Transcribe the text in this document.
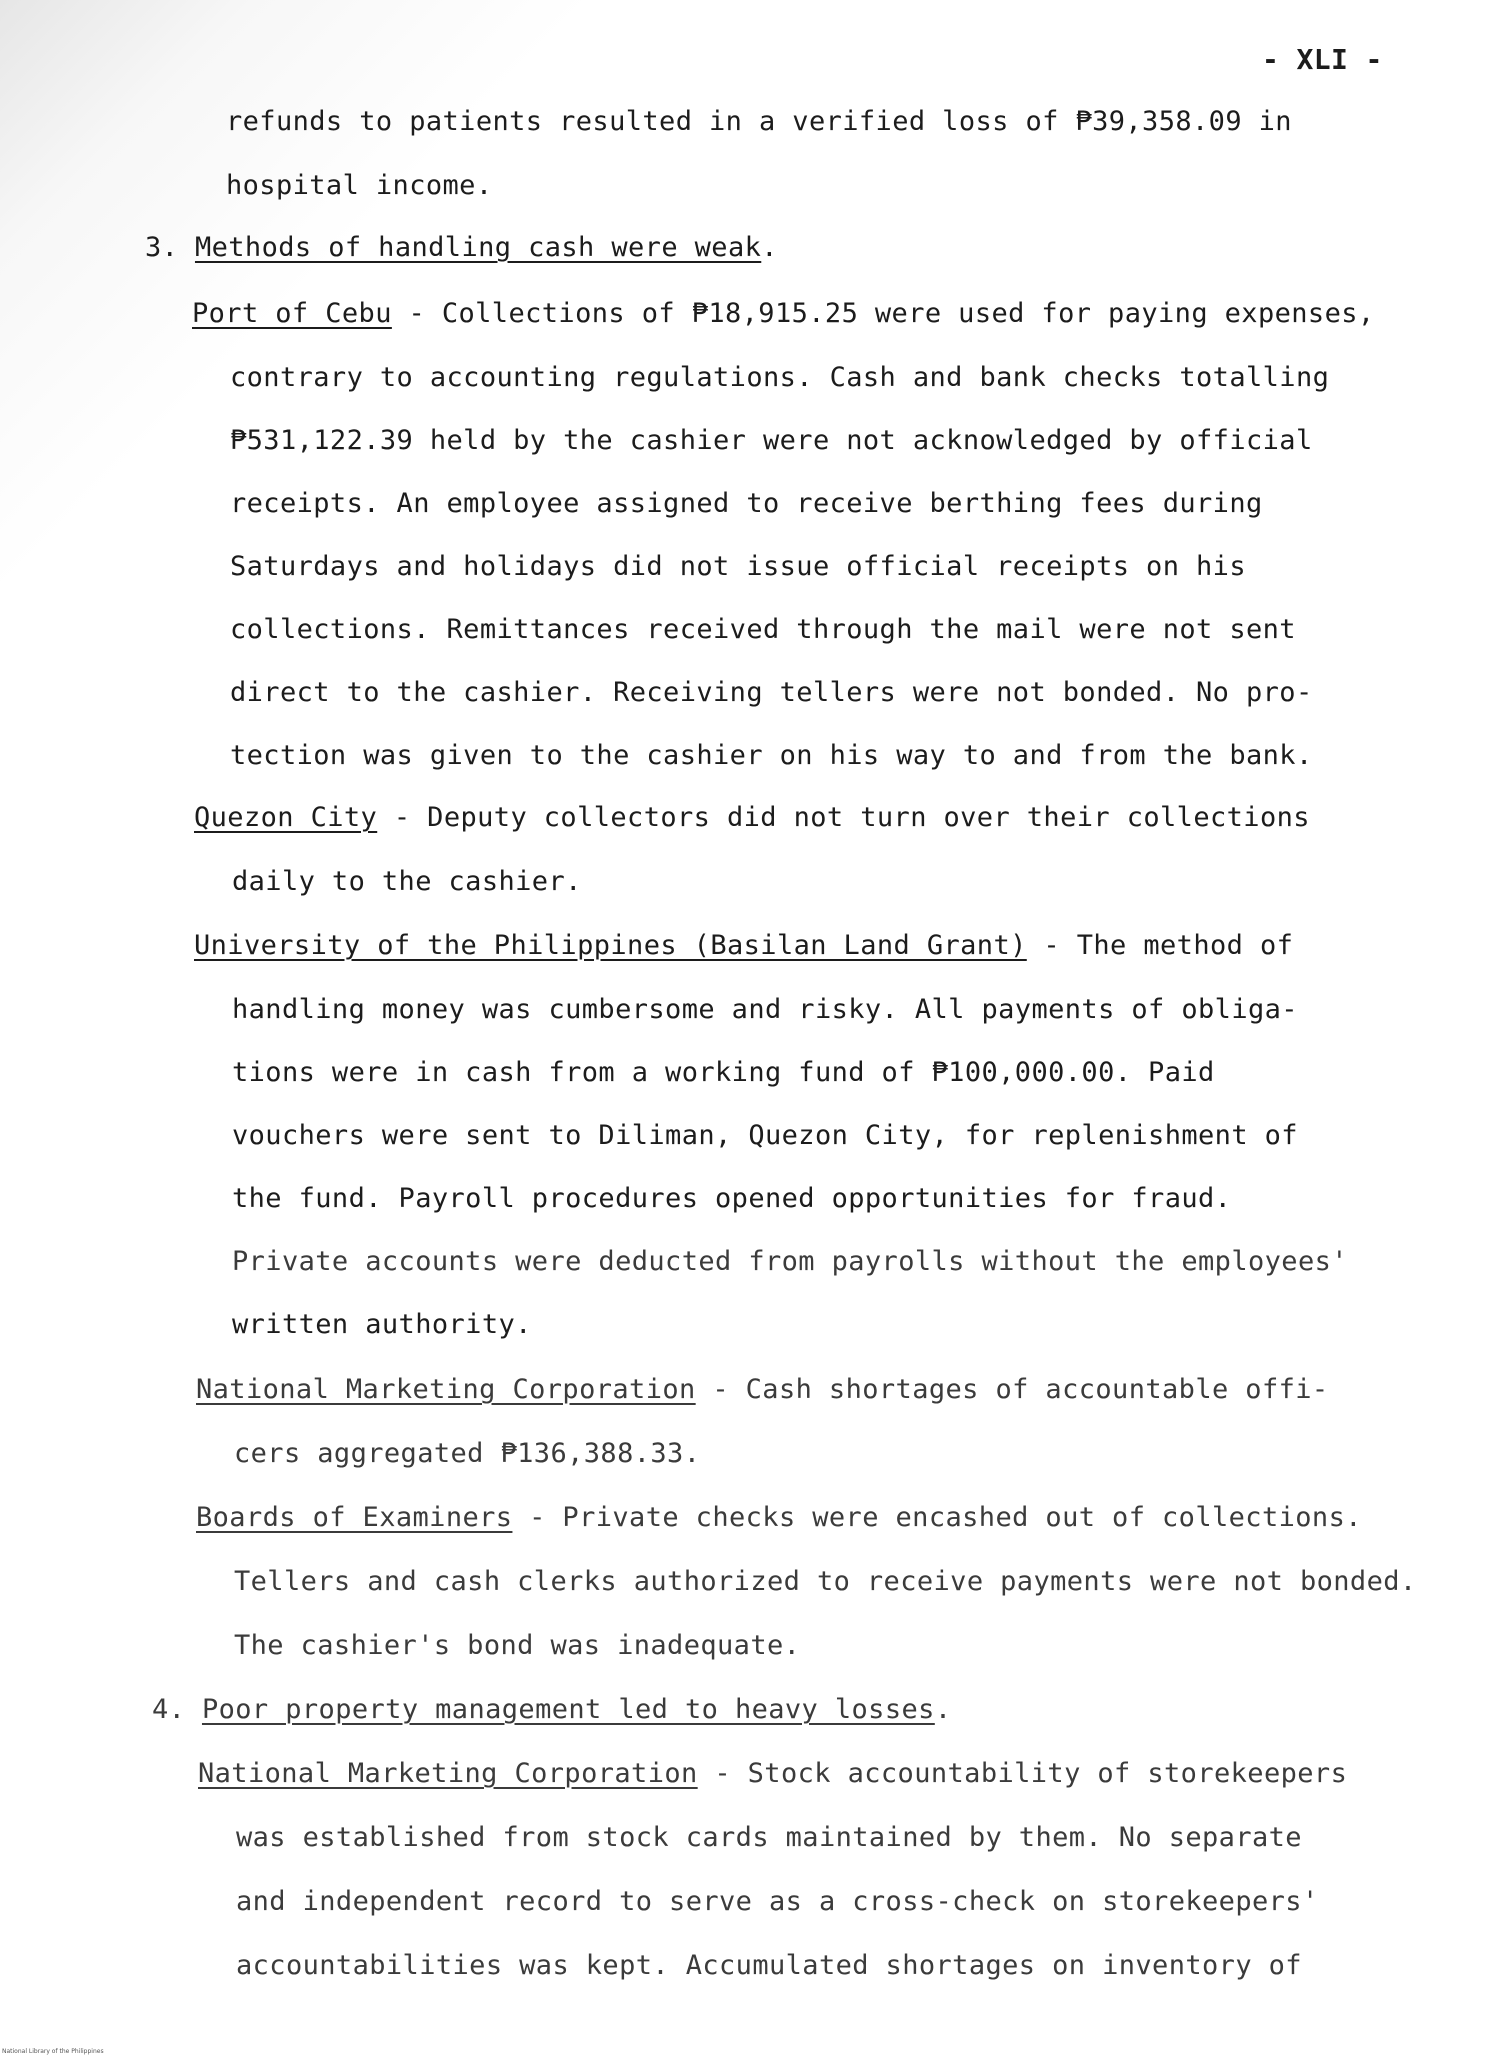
- XLI -
refunds to patients resulted in a verified loss of ₱39,358.09 in
hospital income.
3. Methods of handling cash were weak.
Port of Cebu - Collections of ₱18,915.25 were used for paying expenses,
contrary to accounting regulations. Cash and bank checks totalling
₱531,122.39 held by the cashier were not acknowledged by official
receipts. An employee assigned to receive berthing fees during
Saturdays and holidays did not issue official receipts on his
collections. Remittances received through the mail were not sent
direct to the cashier. Receiving tellers were not bonded. No pro-
tection was given to the cashier on his way to and from the bank.
Quezon City - Deputy collectors did not turn over their collections
daily to the cashier.
University of the Philippines (Basilan Land Grant) - The method of
handling money was cumbersome and risky. All payments of obliga-
tions were in cash from a working fund of ₱100,000.00. Paid
vouchers were sent to Diliman, Quezon City, for replenishment of
the fund. Payroll procedures opened opportunities for fraud.
Private accounts were deducted from payrolls without the employees'
written authority.
National Marketing Corporation - Cash shortages of accountable offi-
cers aggregated ₱136,388.33.
Boards of Examiners - Private checks were encashed out of collections.
Tellers and cash clerks authorized to receive payments were not bonded.
The cashier's bond was inadequate.
4. Poor property management led to heavy losses.
National Marketing Corporation - Stock accountability of storekeepers
was established from stock cards maintained by them. No separate
and independent record to serve as a cross-check on storekeepers'
accountabilities was kept. Accumulated shortages on inventory of
National Library of the Philippines
